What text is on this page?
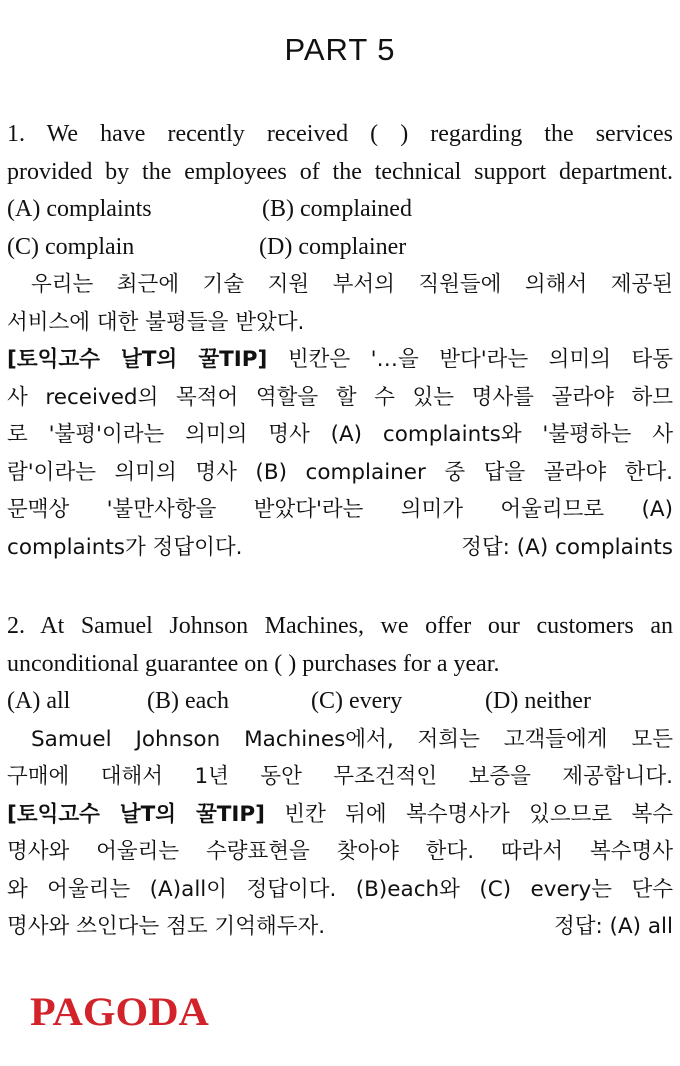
PART 5
1. We have recently received ( ) regarding the services
provided by the employees of the technical support department.
(A) complaints	(B) complained
(C) complain	(D) complainer
우리는 최근에 기술 지원 부서의 직원들에 의해서 제공된
서비스에 대한 불평들을 받았다.
[토익고수 날T의 꿀TIP] 빈칸은 '…을 받다'라는 의미의 타동
사 received의 목적어 역할을 할 수 있는 명사를 골라야 하므
로 '불평'이라는 의미의 명사 (A) complaints와 '불평하는 사
람'이라는 의미의 명사 (B) complainer 중 답을 골라야 한다.
문맥상 '불만사항을 받았다'라는 의미가 어울리므로 (A)
complaints가 정답이다.	정답: (A) complaints
2. At Samuel Johnson Machines, we offer our customers an
unconditional guarantee on ( ) purchases for a year.
(A) all	(B) each	(C) every	(D) neither
Samuel Johnson Machines에서, 저희는 고객들에게 모든
구매에 대해서 1년 동안 무조건적인 보증을 제공합니다.
[토익고수 날T의 꿀TIP] 빈칸 뒤에 복수명사가 있으므로 복수
명사와 어울리는 수량표현을 찾아야 한다. 따라서 복수명사
와 어울리는 (A)all이 정답이다. (B)each와 (C) every는 단수
명사와 쓰인다는 점도 기억해두자.	정답: (A) all
PAGODA
